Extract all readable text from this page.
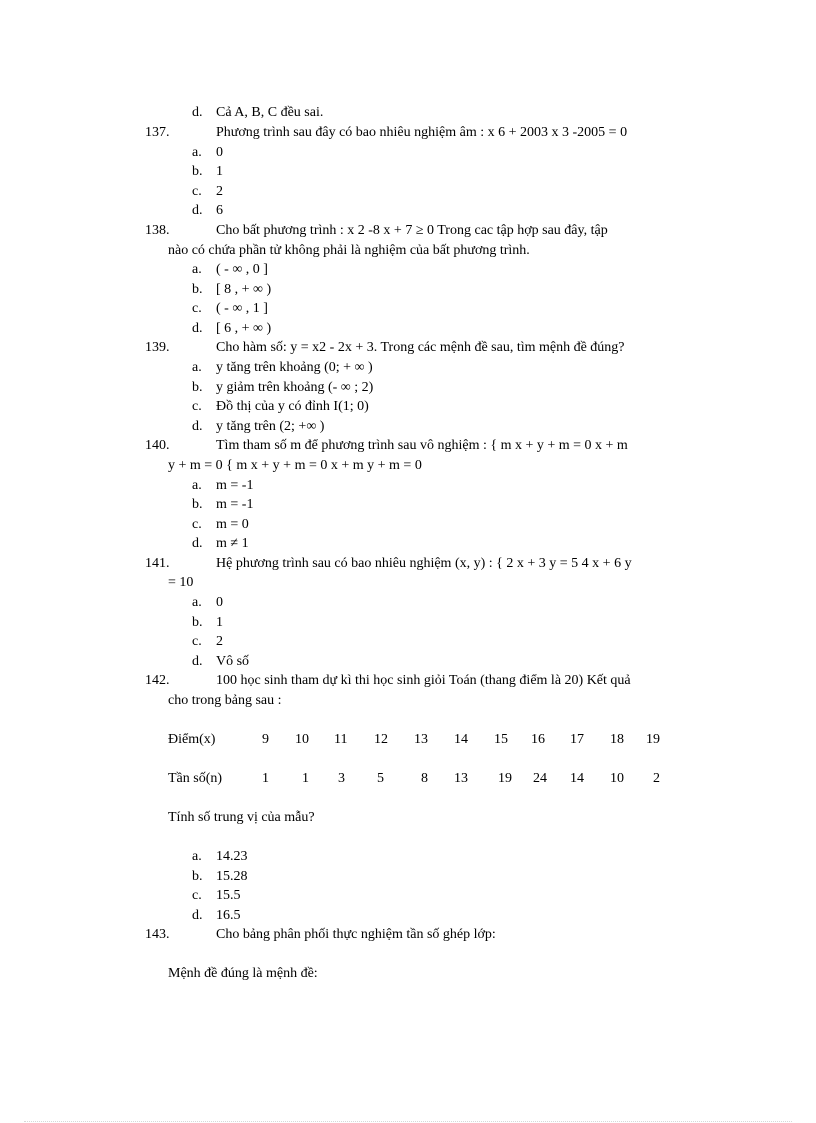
d. Cả A, B, C đều sai.
137.	Phương trình sau đây có bao nhiêu nghiệm âm : x 6 + 2003 x 3 -2005 = 0
a. 0
b. 1
c. 2
d. 6
138.	Cho bất phương trình : x 2 -8 x + 7 ≥ 0 Trong cac tập hợp sau đây, tập
nào có chứa phần tử không phải là nghiệm của bất phương trình.
a. ( - ∞ , 0 ]
b. [ 8 , + ∞ )
c. ( - ∞ , 1 ]
d. [ 6 , + ∞ )
139.	Cho hàm số: y = x2 - 2x + 3. Trong các mệnh đề sau, tìm mệnh đề đúng?
a. y tăng trên khoảng (0; + ∞ )
b. y giảm trên khoảng (- ∞ ; 2)
c. Đồ thị của y có đỉnh I(1; 0)
d. y tăng trên (2; +∞ )
140.	Tìm tham số m để phương trình sau vô nghiệm : { m x + y + m = 0 x + m
y + m = 0 { m x + y + m = 0 x + m y + m = 0
a. m = -1
b. m = -1
c. m = 0
d. m ≠ 1
141.	Hệ phương trình sau có bao nhiêu nghiệm (x, y) : { 2 x + 3 y = 5 4 x + 6 y
= 10
a. 0
b. 1
c. 2
d. Vô số
142.	100 học sinh tham dự kì thi học sinh giỏi Toán (thang điểm là 20) Kết quả
cho trong bảng sau :
Điểm(x)	9 10 11 12 13 14 15 16 17 18 19
Tần số(n)	1 1 3 5	8 13 19 24 14 10 2
Tính số trung vị của mẫu?
a. 14.23
b. 15.28
c. 15.5
d. 16.5
143.	Cho bảng phân phối thực nghiệm tần số ghép lớp:
Mệnh đề đúng là mệnh đề:
